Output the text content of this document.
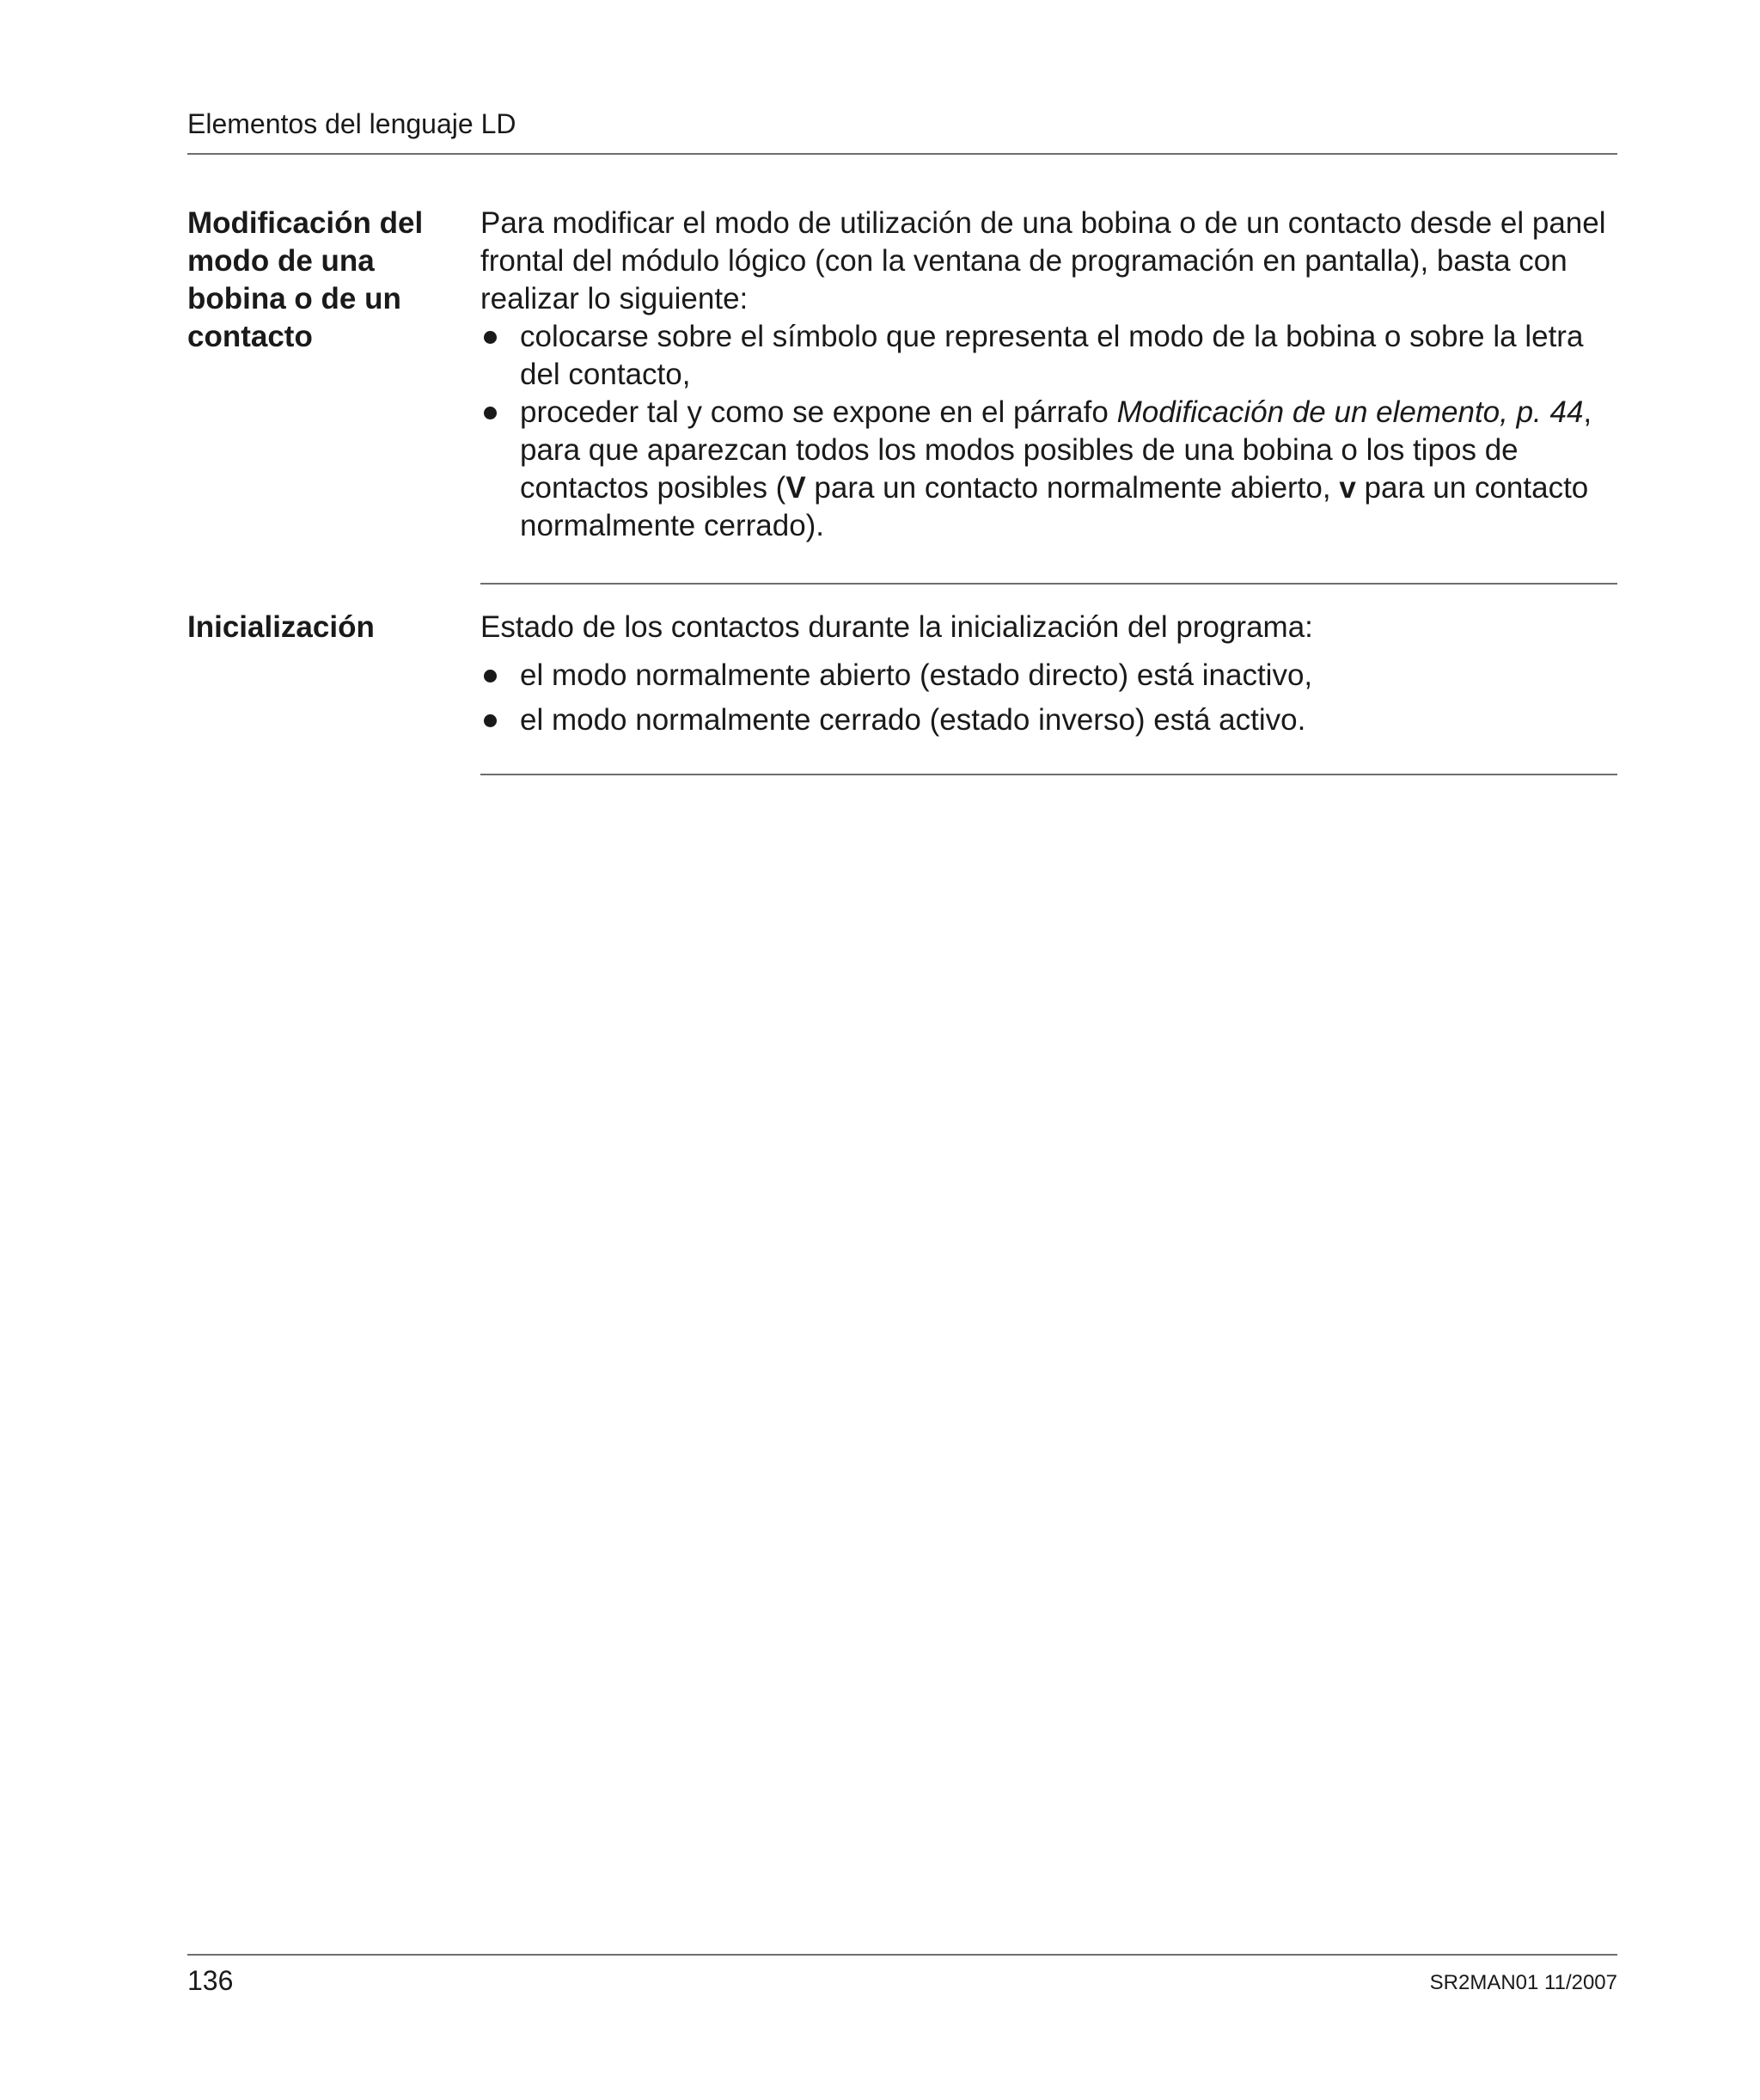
Elementos del lenguaje LD
Modificación del modo de una bobina o de un contacto

Para modificar el modo de utilización de una bobina o de un contacto desde el panel frontal del módulo lógico (con la ventana de programación en pantalla), basta con realizar lo siguiente:

colocarse sobre el símbolo que representa el modo de la bobina o sobre la letra del contacto,
proceder tal y como se expone en el párrafo Modificación de un elemento, p. 44, para que aparezcan todos los modos posibles de una bobina o los tipos de contactos posibles (V para un contacto normalmente abierto, v para un contacto normalmente cerrado).
Inicialización	Estado de los contactos durante la inicialización del programa:

el modo normalmente abierto (estado directo) está inactivo,
el modo normalmente cerrado (estado inverso) está activo.
136	SR2MAN01 11/2007
